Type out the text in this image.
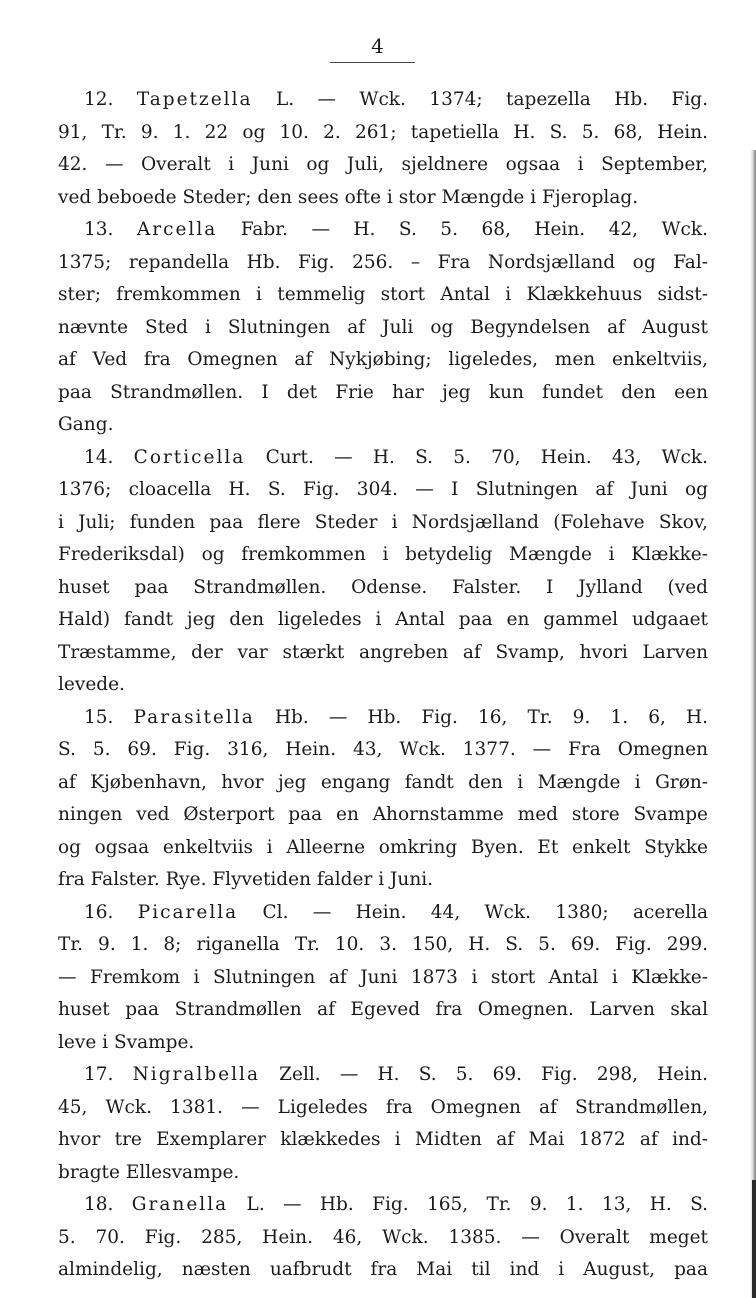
4
12. Tapetzella L. — Wck. 1374; tapezella Hb. Fig.
91, Tr. 9. 1. 22 og 10. 2. 261; tapetiella H. S. 5. 68, Hein.
42. — Overalt i Juni og Juli, sjeldnere ogsaa i September,
ved beboede Steder; den sees ofte i stor Mængde i Fjeroplag.
13. Arcella Fabr. — H. S. 5. 68, Hein. 42, Wck.
1375; repandella Hb. Fig. 256. – Fra Nordsjælland og Fal-
ster; fremkommen i temmelig stort Antal i Klækkehuus sidst-
nævnte Sted i Slutningen af Juli og Begyndelsen af August
af Ved fra Omegnen af Nykjøbing; ligeledes, men enkeltviis,
paa Strandmøllen. I det Frie har jeg kun fundet den een
Gang.
14. Corticella Curt. — H. S. 5. 70, Hein. 43, Wck.
1376; cloacella H. S. Fig. 304. — I Slutningen af Juni og
i Juli; funden paa flere Steder i Nordsjælland (Folehave Skov,
Frederiksdal) og fremkommen i betydelig Mængde i Klække-
huset paa Strandmøllen. Odense. Falster. I Jylland (ved
Hald) fandt jeg den ligeledes i Antal paa en gammel udgaaet
Træstamme, der var stærkt angreben af Svamp, hvori Larven
levede.
15. Parasitella Hb. — Hb. Fig. 16, Tr. 9. 1. 6, H.
S. 5. 69. Fig. 316, Hein. 43, Wck. 1377. — Fra Omegnen
af Kjøbenhavn, hvor jeg engang fandt den i Mængde i Grøn-
ningen ved Østerport paa en Ahornstamme med store Svampe
og ogsaa enkeltviis i Alleerne omkring Byen. Et enkelt Stykke
fra Falster. Rye. Flyvetiden falder i Juni.
16. Picarella Cl. — Hein. 44, Wck. 1380; acerella
Tr. 9. 1. 8; riganella Tr. 10. 3. 150, H. S. 5. 69. Fig. 299.
— Fremkom i Slutningen af Juni 1873 i stort Antal i Klække-
huset paa Strandmøllen af Egeved fra Omegnen. Larven skal
leve i Svampe.
17. Nigralbella Zell. — H. S. 5. 69. Fig. 298, Hein.
45, Wck. 1381. — Ligeledes fra Omegnen af Strandmøllen,
hvor tre Exemplarer klækkedes i Midten af Mai 1872 af ind-
bragte Ellesvampe.
18. Granella L. — Hb. Fig. 165, Tr. 9. 1. 13, H. S.
5. 70. Fig. 285, Hein. 46, Wck. 1385. — Overalt meget
almindelig, næsten uafbrudt fra Mai til ind i August, paa
